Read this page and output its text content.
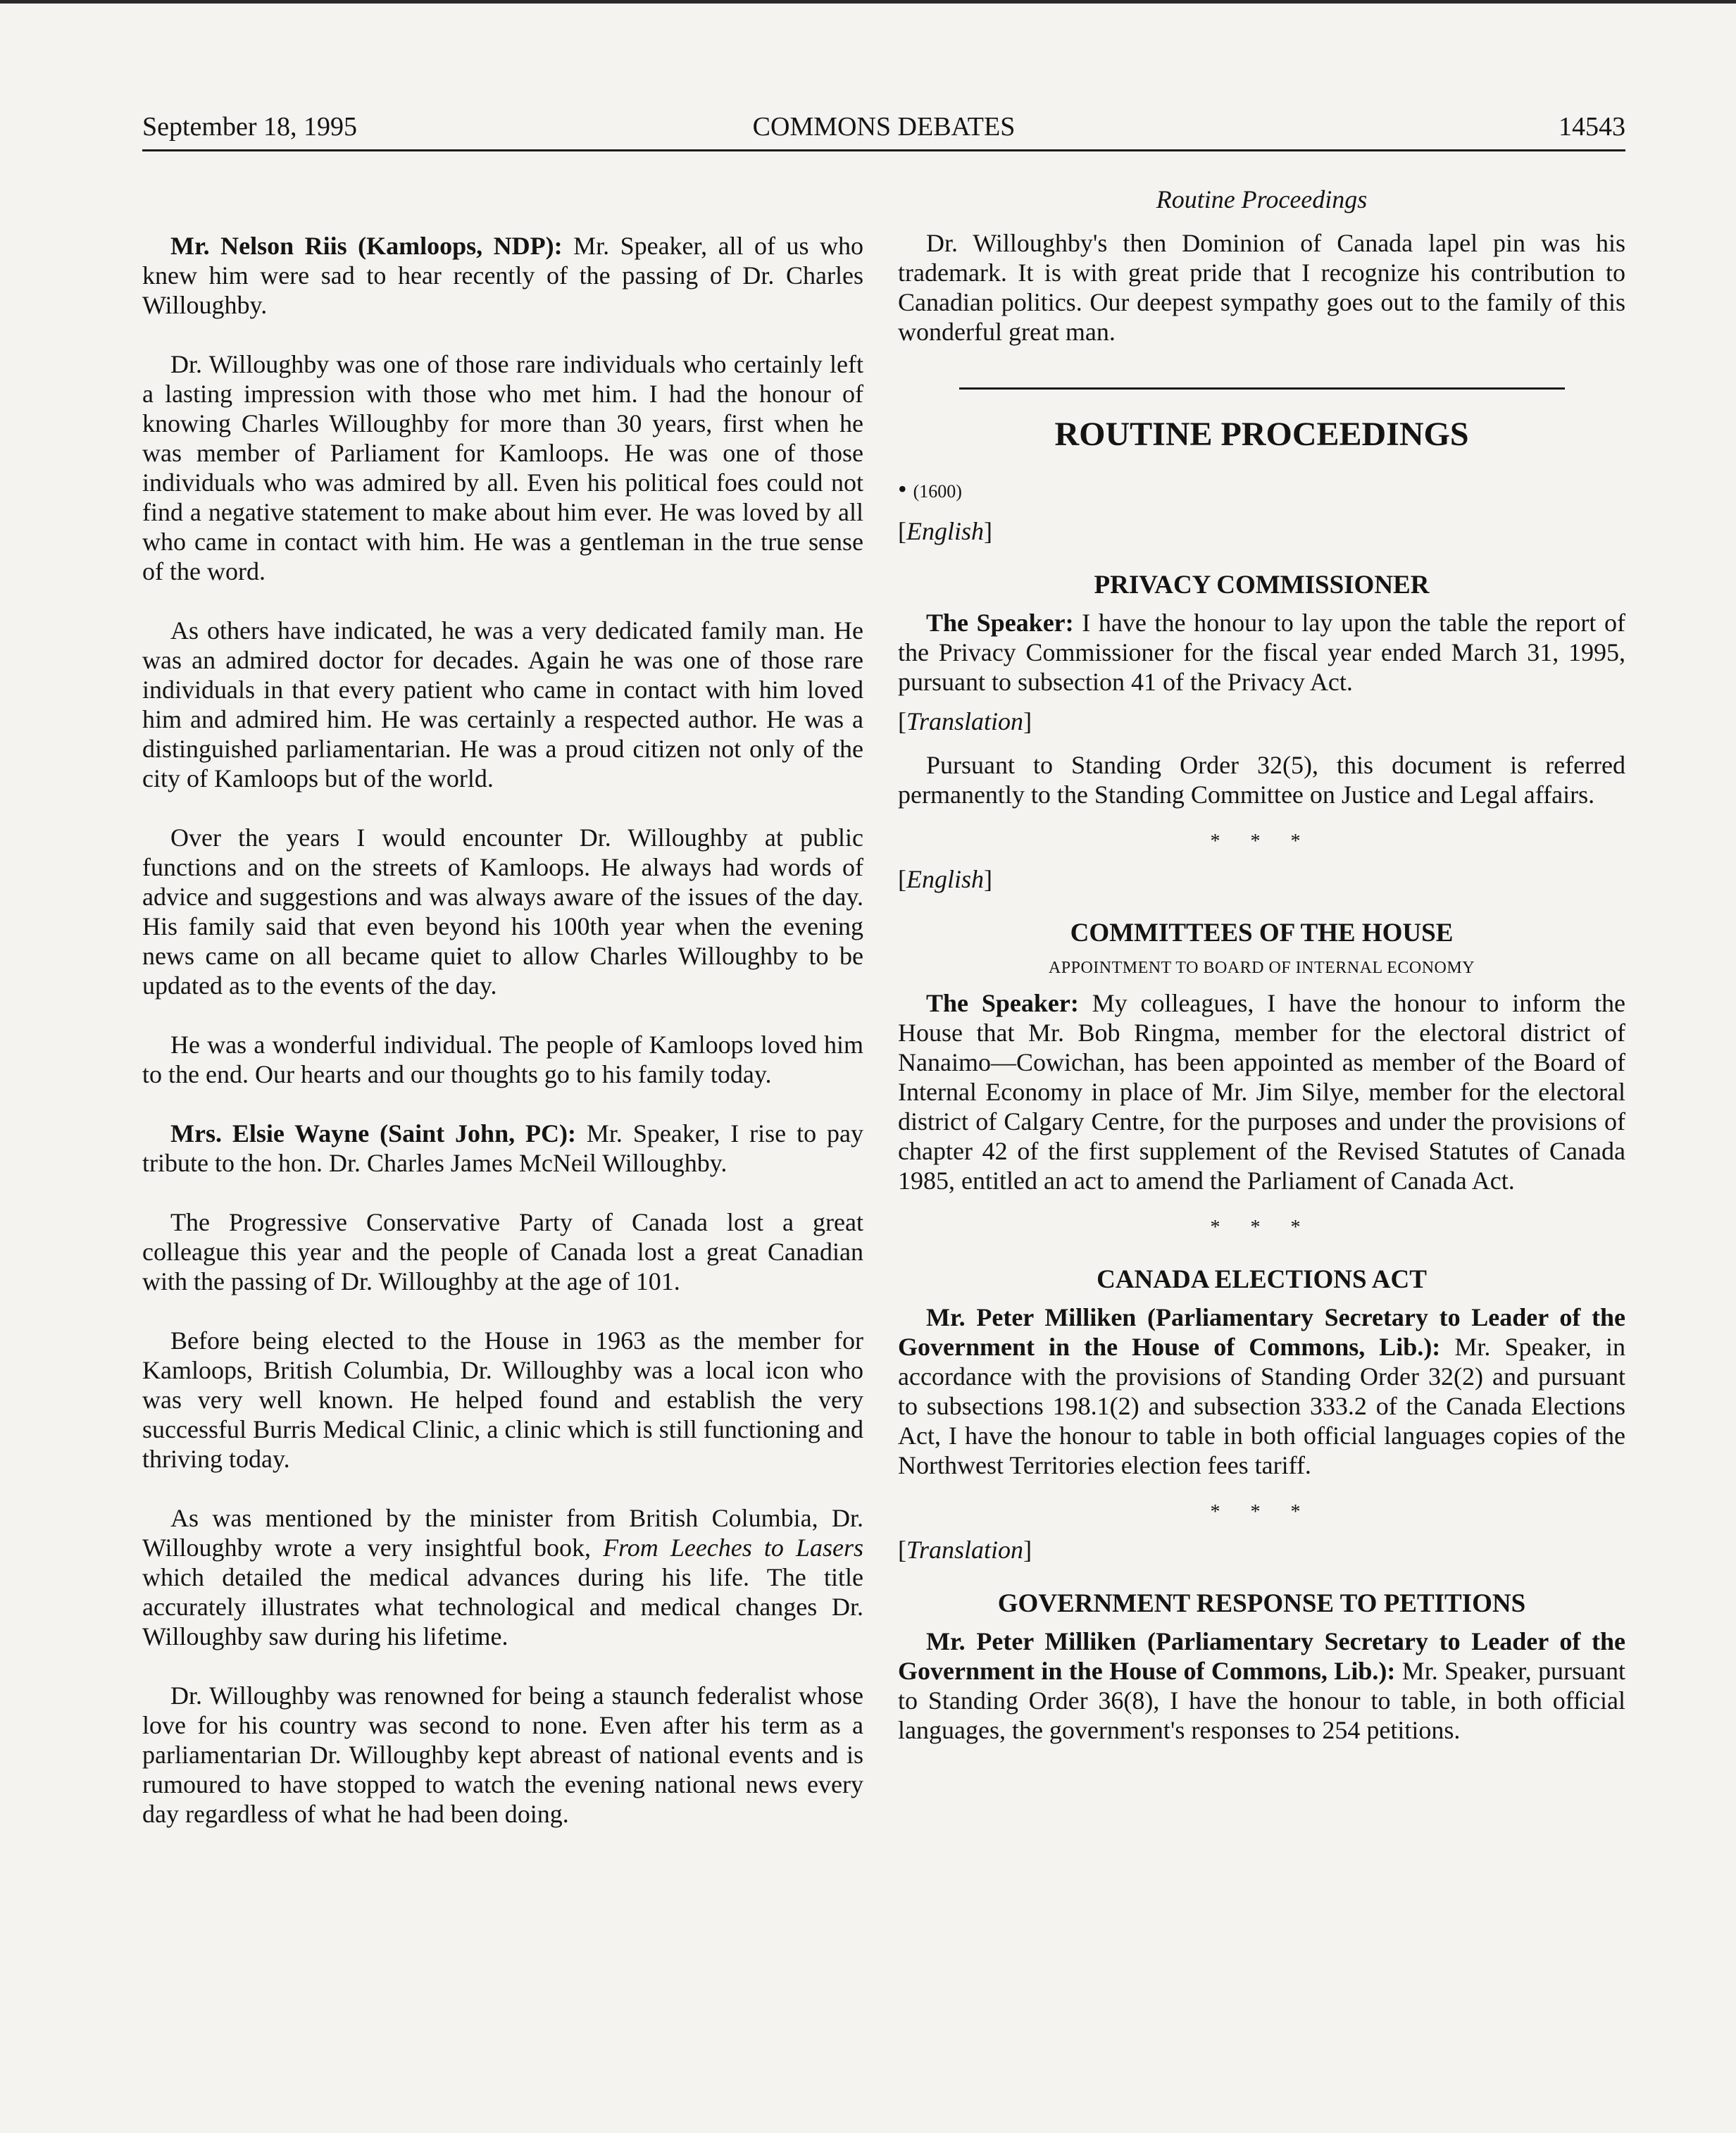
September 18, 1995	COMMONS DEBATES	14543

Mr. Nelson Riis (Kamloops, NDP): Mr. Speaker, all of us who knew him were sad to hear recently of the passing of Dr. Charles Willoughby.

Dr. Willoughby was one of those rare individuals who certainly left a lasting impression with those who met him. I had the honour of knowing Charles Willoughby for more than 30 years, first when he was member of Parliament for Kamloops. He was one of those individuals who was admired by all. Even his political foes could not find a negative statement to make about him ever. He was loved by all who came in contact with him. He was a gentleman in the true sense of the word.

As others have indicated, he was a very dedicated family man. He was an admired doctor for decades. Again he was one of those rare individuals in that every patient who came in contact with him loved him and admired him. He was certainly a respected author. He was a distinguished parliamentarian. He was a proud citizen not only of the city of Kamloops but of the world.

Over the years I would encounter Dr. Willoughby at public functions and on the streets of Kamloops. He always had words of advice and suggestions and was always aware of the issues of the day. His family said that even beyond his 100th year when the evening news came on all became quiet to allow Charles Willoughby to be updated as to the events of the day.

He was a wonderful individual. The people of Kamloops loved him to the end. Our hearts and our thoughts go to his family today.

Mrs. Elsie Wayne (Saint John, PC): Mr. Speaker, I rise to pay tribute to the hon. Dr. Charles James McNeil Willoughby.

The Progressive Conservative Party of Canada lost a great colleague this year and the people of Canada lost a great Canadian with the passing of Dr. Willoughby at the age of 101.

Before being elected to the House in 1963 as the member for Kamloops, British Columbia, Dr. Willoughby was a local icon who was very well known. He helped found and establish the very successful Burris Medical Clinic, a clinic which is still functioning and thriving today.

As was mentioned by the minister from British Columbia, Dr. Willoughby wrote a very insightful book, From Leeches to Lasers which detailed the medical advances during his life. The title accurately illustrates what technological and medical changes Dr. Willoughby saw during his lifetime.

Dr. Willoughby was renowned for being a staunch federalist whose love for his country was second to none. Even after his term as a parliamentarian Dr. Willoughby kept abreast of national events and is rumoured to have stopped to watch the evening national news every day regardless of what he had been doing.

Routine Proceedings

Dr. Willoughby's then Dominion of Canada lapel pin was his trademark. It is with great pride that I recognize his contribution to Canadian politics. Our deepest sympathy goes out to the family of this wonderful great man.

ROUTINE PROCEEDINGS
• (1600)
[English]
PRIVACY COMMISSIONER

The Speaker: I have the honour to lay upon the table the report of the Privacy Commissioner for the fiscal year ended March 31, 1995, pursuant to subsection 41 of the Privacy Act.

[Translation]

Pursuant to Standing Order 32(5), this document is referred permanently to the Standing Committee on Justice and Legal affairs.

* * *
[English]
COMMITTEES OF THE HOUSE
APPOINTMENT TO BOARD OF INTERNAL ECONOMY

The Speaker: My colleagues, I have the honour to inform the House that Mr. Bob Ringma, member for the electoral district of Nanaimo—Cowichan, has been appointed as member of the Board of Internal Economy in place of Mr. Jim Silye, member for the electoral district of Calgary Centre, for the purposes and under the provisions of chapter 42 of the first supplement of the Revised Statutes of Canada 1985, entitled an act to amend the Parliament of Canada Act.

* * *
CANADA ELECTIONS ACT

Mr. Peter Milliken (Parliamentary Secretary to Leader of the Government in the House of Commons, Lib.): Mr. Speaker, in accordance with the provisions of Standing Order 32(2) and pursuant to subsections 198.1(2) and subsection 333.2 of the Canada Elections Act, I have the honour to table in both official languages copies of the Northwest Territories election fees tariff.

* * *
[Translation]
GOVERNMENT RESPONSE TO PETITIONS

Mr. Peter Milliken (Parliamentary Secretary to Leader of the Government in the House of Commons, Lib.): Mr. Speaker, pursuant to Standing Order 36(8), I have the honour to table, in both official languages, the government's responses to 254 petitions.
